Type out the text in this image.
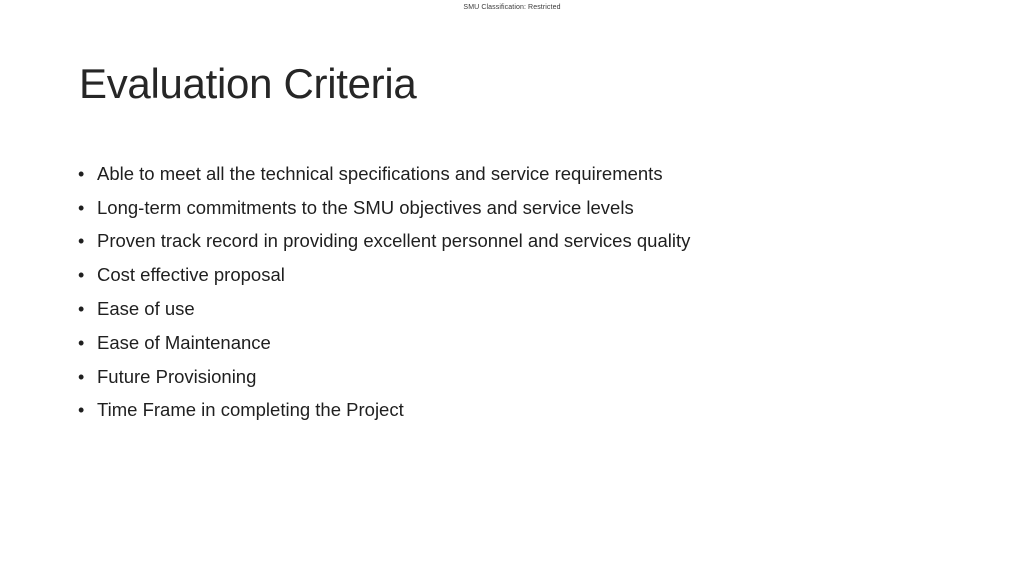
SMU Classification: Restricted
Evaluation Criteria
• Able to meet all the technical specifications and service requirements
• Long-term commitments to the SMU objectives and service levels
• Proven track record in providing excellent personnel and services quality
• Cost effective proposal
• Ease of use
• Ease of Maintenance
• Future Provisioning
• Time Frame in completing the Project
